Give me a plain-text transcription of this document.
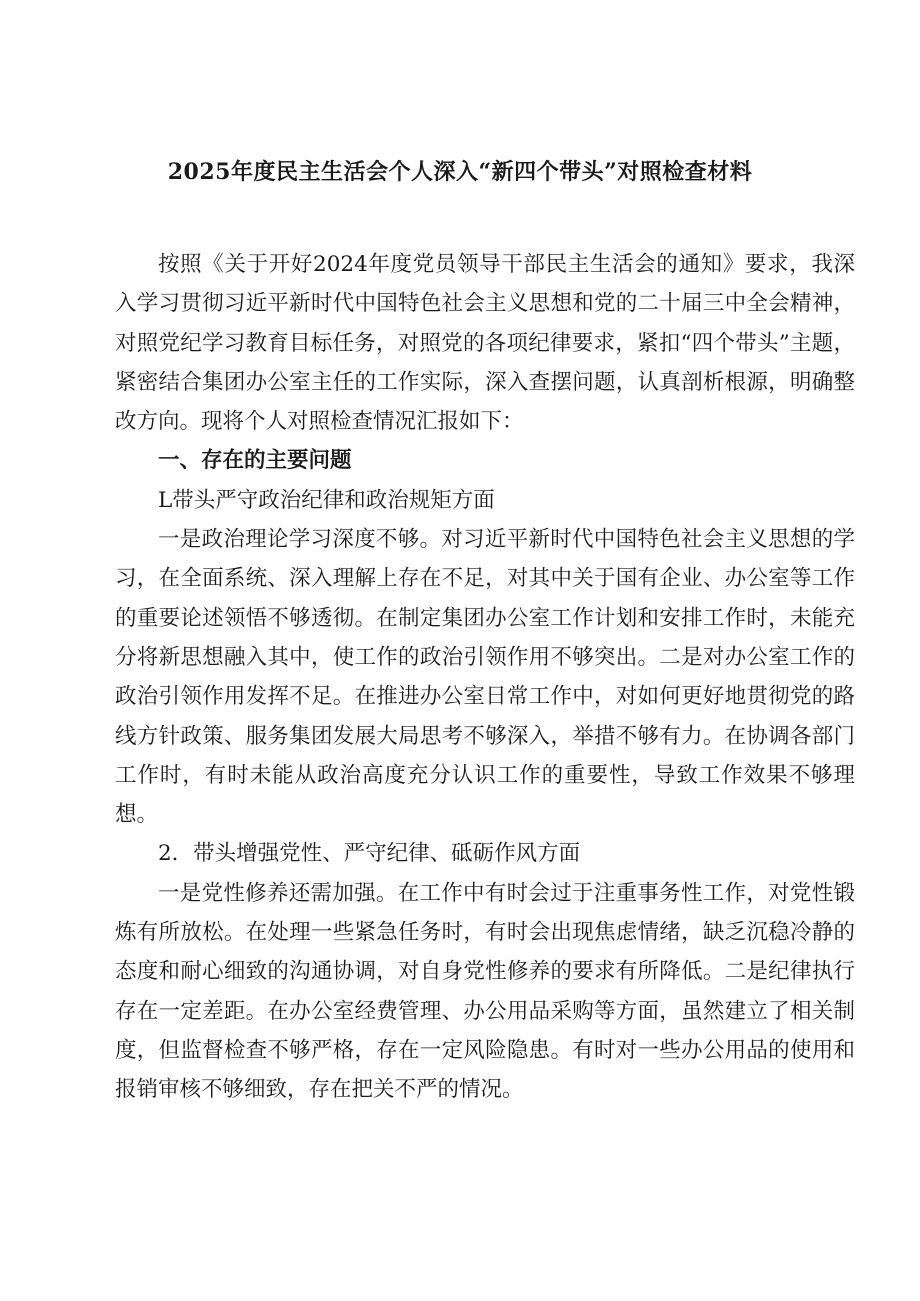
2025年度民主生活会个人深入“新四个带头”对照检查材料

按照《关于开好2024年度党员领导干部民主生活会的通知》要求，我深入学习贯彻习近平新时代中国特色社会主义思想和党的二十届三中全会精神，对照党纪学习教育目标任务，对照党的各项纪律要求，紧扣“四个带头”主题，紧密结合集团办公室主任的工作实际，深入查摆问题，认真剖析根源，明确整改方向。现将个人对照检查情况汇报如下：

一、存在的主要问题

L带头严守政治纪律和政治规矩方面

一是政治理论学习深度不够。对习近平新时代中国特色社会主义思想的学习，在全面系统、深入理解上存在不足，对其中关于国有企业、办公室等工作的重要论述领悟不够透彻。在制定集团办公室工作计划和安排工作时，未能充分将新思想融入其中，使工作的政治引领作用不够突出。二是对办公室工作的政治引领作用发挥不足。在推进办公室日常工作中，对如何更好地贯彻党的路线方针政策、服务集团发展大局思考不够深入，举措不够有力。在协调各部门工作时，有时未能从政治高度充分认识工作的重要性，导致工作效果不够理想。

2．带头增强党性、严守纪律、砥砺作风方面

一是党性修养还需加强。在工作中有时会过于注重事务性工作，对党性锻炼有所放松。在处理一些紧急任务时，有时会出现焦虑情绪，缺乏沉稳冷静的态度和耐心细致的沟通协调，对自身党性修养的要求有所降低。二是纪律执行存在一定差距。在办公室经费管理、办公用品采购等方面，虽然建立了相关制度，但监督检查不够严格，存在一定风险隐患。有时对一些办公用品的使用和报销审核不够细致，存在把关不严的情况。
